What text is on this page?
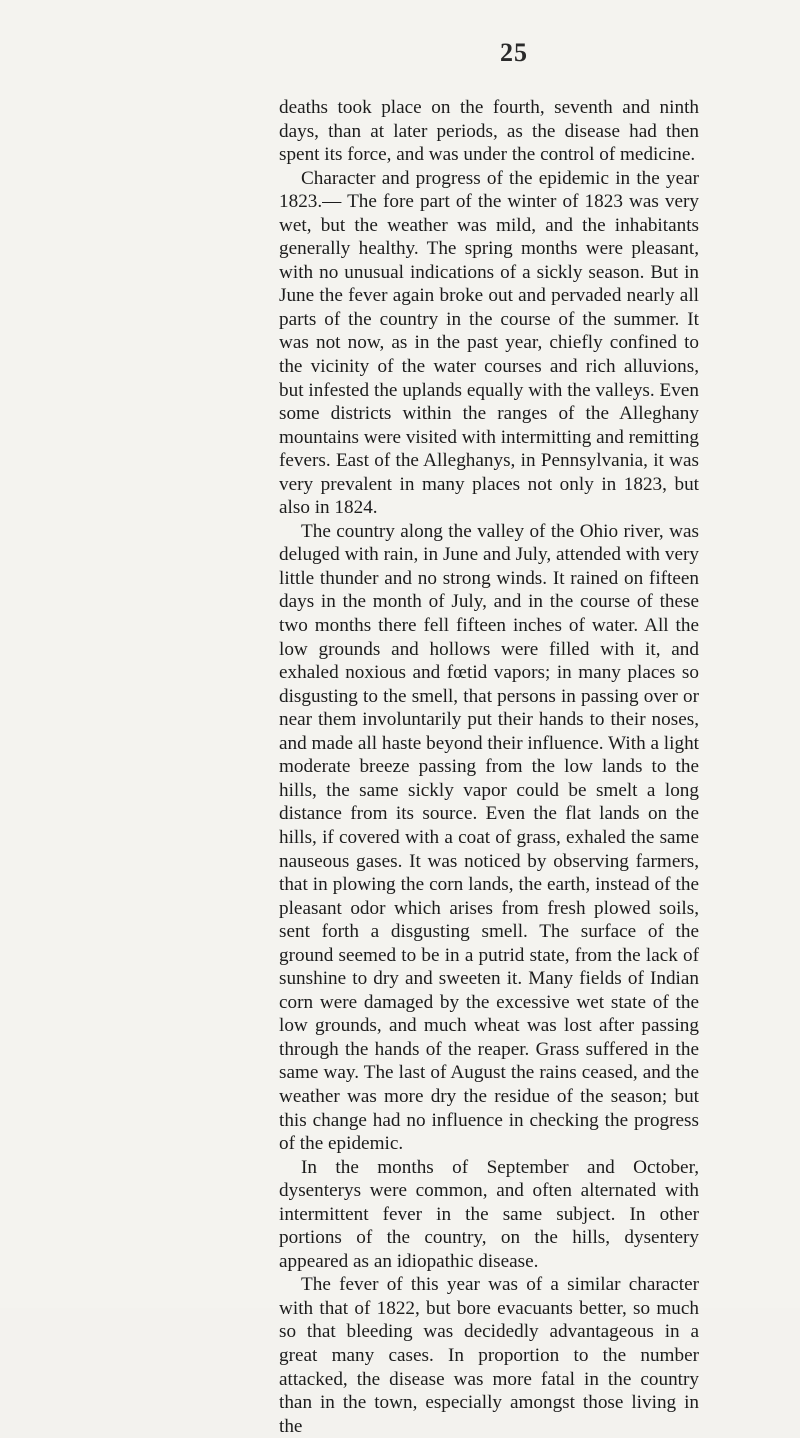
25

deaths took place on the fourth, seventh and ninth days, than at later periods, as the disease had then spent its force, and was under the control of medicine.

Character and progress of the epidemic in the year 1823.— The fore part of the winter of 1823 was very wet, but the weather was mild, and the inhabitants generally healthy. The spring months were pleasant, with no unusual indications of a sickly season. But in June the fever again broke out and pervaded nearly all parts of the country in the course of the summer. It was not now, as in the past year, chiefly confined to the vicinity of the water courses and rich alluvions, but infested the uplands equally with the valleys. Even some districts within the ranges of the Alleghany mountains were visited with intermitting and remitting fevers. East of the Alleghanys, in Pennsylvania, it was very prevalent in many places not only in 1823, but also in 1824.

The country along the valley of the Ohio river, was deluged with rain, in June and July, attended with very little thunder and no strong winds. It rained on fifteen days in the month of July, and in the course of these two months there fell fifteen inches of water. All the low grounds and hollows were filled with it, and exhaled noxious and fœtid vapors; in many places so disgusting to the smell, that persons in passing over or near them involuntarily put their hands to their noses, and made all haste beyond their influence. With a light moderate breeze passing from the low lands to the hills, the same sickly vapor could be smelt a long distance from its source. Even the flat lands on the hills, if covered with a coat of grass, exhaled the same nauseous gases. It was noticed by observing farmers, that in plowing the corn lands, the earth, instead of the pleasant odor which arises from fresh plowed soils, sent forth a disgusting smell. The surface of the ground seemed to be in a putrid state, from the lack of sunshine to dry and sweeten it. Many fields of Indian corn were damaged by the excessive wet state of the low grounds, and much wheat was lost after passing through the hands of the reaper. Grass suffered in the same way. The last of August the rains ceased, and the weather was more dry the residue of the season; but this change had no influence in checking the progress of the epidemic.

In the months of September and October, dysenterys were common, and often alternated with intermittent fever in the same subject. In other portions of the country, on the hills, dysentery appeared as an idiopathic disease.

The fever of this year was of a similar character with that of 1822, but bore evacuants better, so much so that bleeding was decidedly advantageous in a great many cases. In proportion to the number attacked, the disease was more fatal in the country than in the town, especially amongst those living in the
